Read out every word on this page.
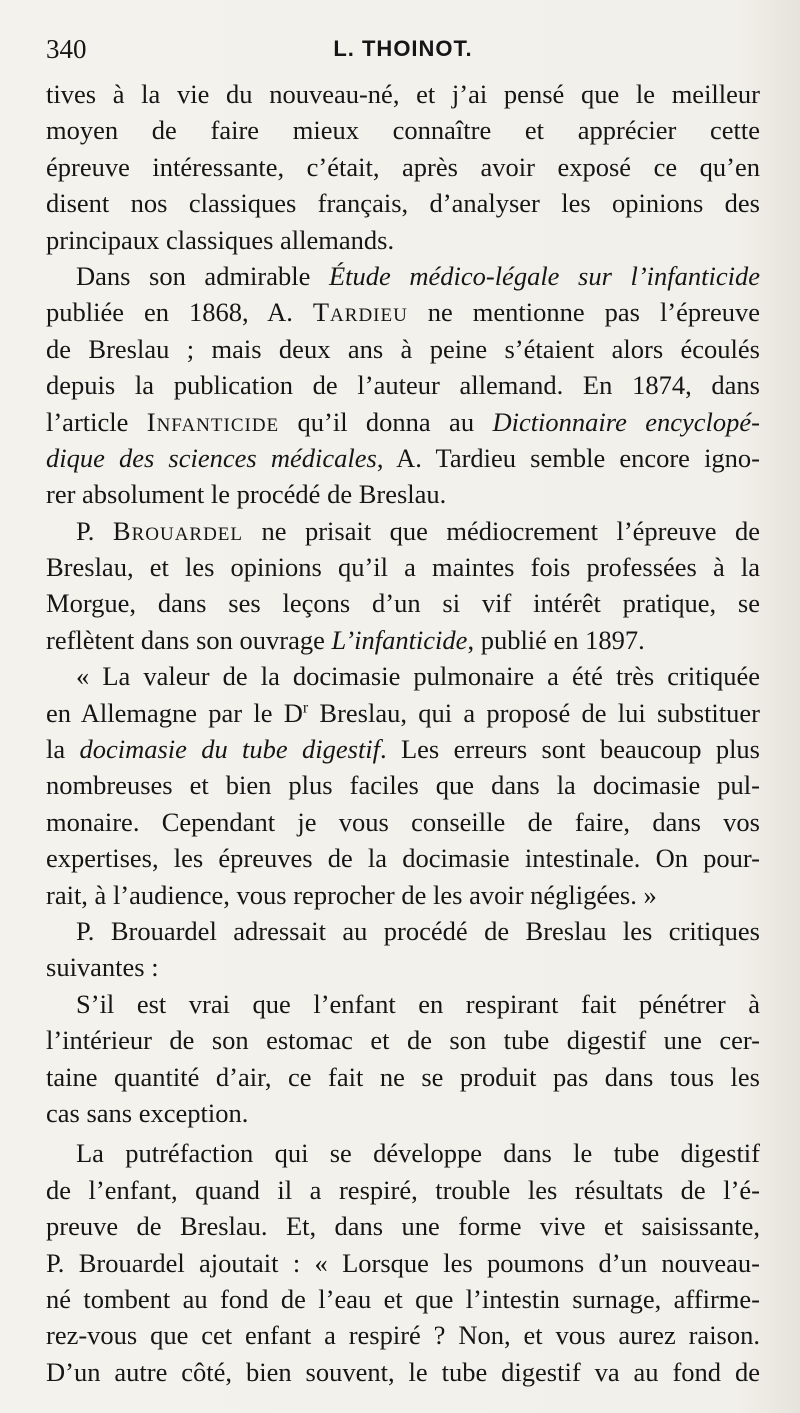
340	L. THOINOT.
tives à la vie du nouveau-né, et j’ai pensé que le meilleur
moyen de faire mieux connaître et apprécier cette
épreuve intéressante, c’était, après avoir exposé ce qu’en
disent nos classiques français, d’analyser les opinions des
principaux classiques allemands.
Dans son admirable Étude médico-légale sur l’infanticide
publiée en 1868, A. Tardieu ne mentionne pas l’épreuve
de Breslau ; mais deux ans à peine s’étaient alors écoulés
depuis la publication de l’auteur allemand. En 1874, dans
l’article Infanticide qu’il donna au Dictionnaire encyclopé-
dique des sciences médicales, A. Tardieu semble encore igno-
rer absolument le procédé de Breslau.
P. Brouardel ne prisait que médiocrement l’épreuve de
Breslau, et les opinions qu’il a maintes fois professées à la
Morgue, dans ses leçons d’un si vif intérêt pratique, se
reflètent dans son ouvrage L’infanticide, publié en 1897.
« La valeur de la docimasie pulmonaire a été très critiquée
en Allemagne par le $D^r$ Breslau, qui a proposé de lui substituer
la docimasie du tube digestif. Les erreurs sont beaucoup plus
nombreuses et bien plus faciles que dans la docimasie pul-
monaire. Cependant je vous conseille de faire, dans vos
expertises, les épreuves de la docimasie intestinale. On pour-
rait, à l’audience, vous reprocher de les avoir négligées. »
P. Brouardel adressait au procédé de Breslau les critiques
suivantes :
S’il est vrai que l’enfant en respirant fait pénétrer à
l’intérieur de son estomac et de son tube digestif une cer-
taine quantité d’air, ce fait ne se produit pas dans tous les
cas sans exception.
La putréfaction qui se développe dans le tube digestif
de l’enfant, quand il a respiré, trouble les résultats de l’é-
preuve de Breslau. Et, dans une forme vive et saisissante,
P. Brouardel ajoutait : « Lorsque les poumons d’un nouveau-
né tombent au fond de l’eau et que l’intestin surnage, affirme-
rez-vous que cet enfant a respiré ? Non, et vous aurez raison.
D’un autre côté, bien souvent, le tube digestif va au fond de
